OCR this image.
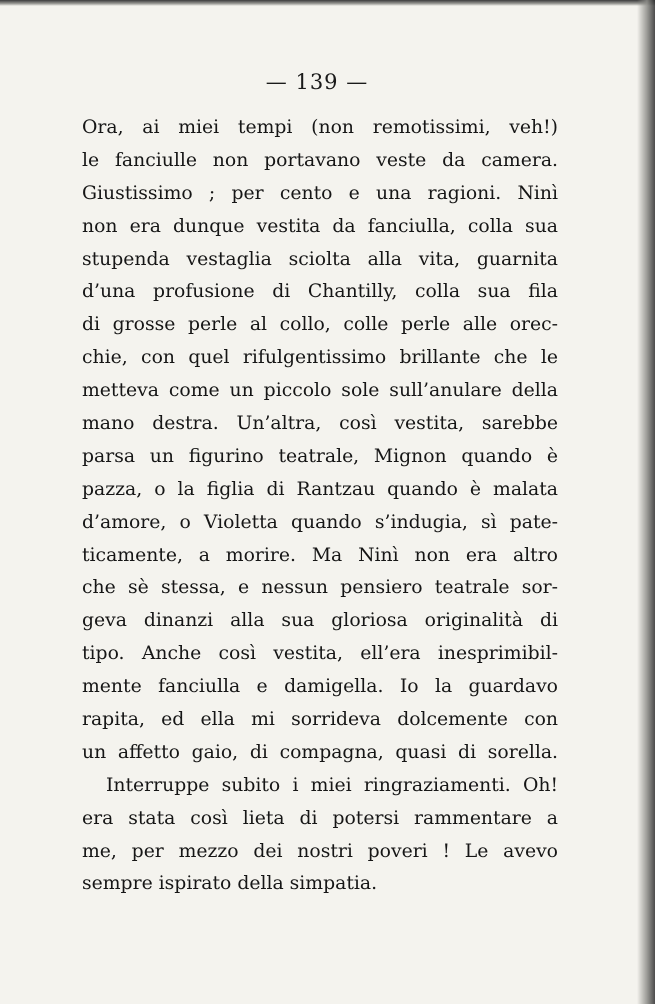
— 139 —
Ora, ai miei tempi (non remotissimi, veh!)
le fanciulle non portavano veste da camera.
Giustissimo ; per cento e una ragioni. Ninì
non era dunque vestita da fanciulla, colla sua
stupenda vestaglia sciolta alla vita, guarnita
d’una profusione di Chantilly, colla sua fila
di grosse perle al collo, colle perle alle orec-
chie, con quel rifulgentissimo brillante che le
metteva come un piccolo sole sull’anulare della
mano destra. Un’altra, così vestita, sarebbe
parsa un figurino teatrale, Mignon quando è
pazza, o la figlia di Rantzau quando è malata
d’amore, o Violetta quando s’indugia, sì pate-
ticamente, a morire. Ma Ninì non era altro
che sè stessa, e nessun pensiero teatrale sor-
geva dinanzi alla sua gloriosa originalità di
tipo. Anche così vestita, ell’era inesprimibil-
mente fanciulla e damigella. Io la guardavo
rapita, ed ella mi sorrideva dolcemente con
un affetto gaio, di compagna, quasi di sorella.
Interruppe subito i miei ringraziamenti. Oh!
era stata così lieta di potersi rammentare a
me, per mezzo dei nostri poveri ! Le avevo
sempre ispirato della simpatia.
